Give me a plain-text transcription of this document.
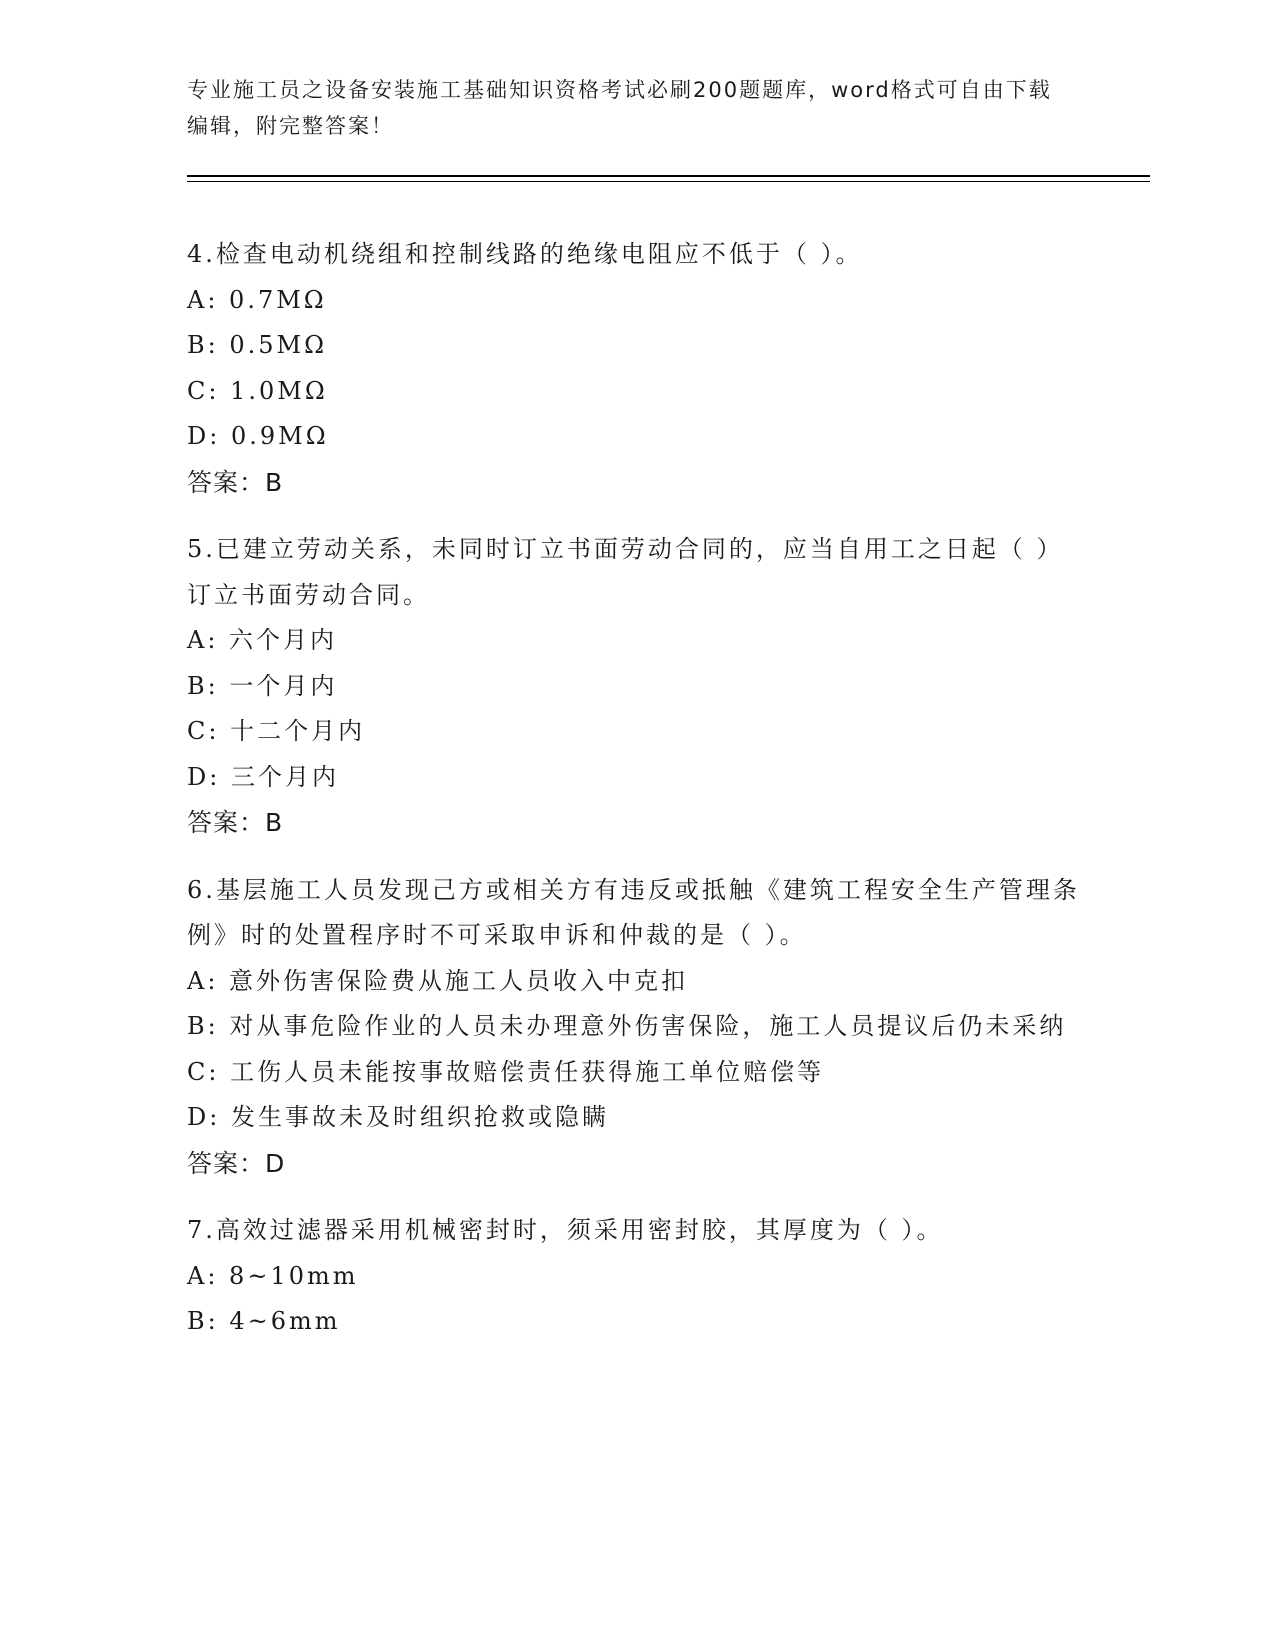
专业施工员之设备安装施工基础知识资格考试必刷200题题库，word格式可自由下载编辑，附完整答案！
4.检查电动机绕组和控制线路的绝缘电阻应不低于（ ）。
A: 0.7MΩ
B: 0.5MΩ
C: 1.0MΩ
D: 0.9MΩ
答案：B
5.已建立劳动关系，未同时订立书面劳动合同的，应当自用工之日起（ ）订立书面劳动合同。
A: 六个月内
B: 一个月内
C: 十二个月内
D: 三个月内
答案：B
6.基层施工人员发现己方或相关方有违反或抵触《建筑工程安全生产管理条例》时的处置程序时不可采取申诉和仲裁的是（ ）。
A: 意外伤害保险费从施工人员收入中克扣
B: 对从事危险作业的人员未办理意外伤害保险，施工人员提议后仍未采纳
C: 工伤人员未能按事故赔偿责任获得施工单位赔偿等
D: 发生事故未及时组织抢救或隐瞒
答案：D
7.高效过滤器采用机械密封时，须采用密封胶，其厚度为（ ）。
A: 8~10mm
B: 4~6mm
